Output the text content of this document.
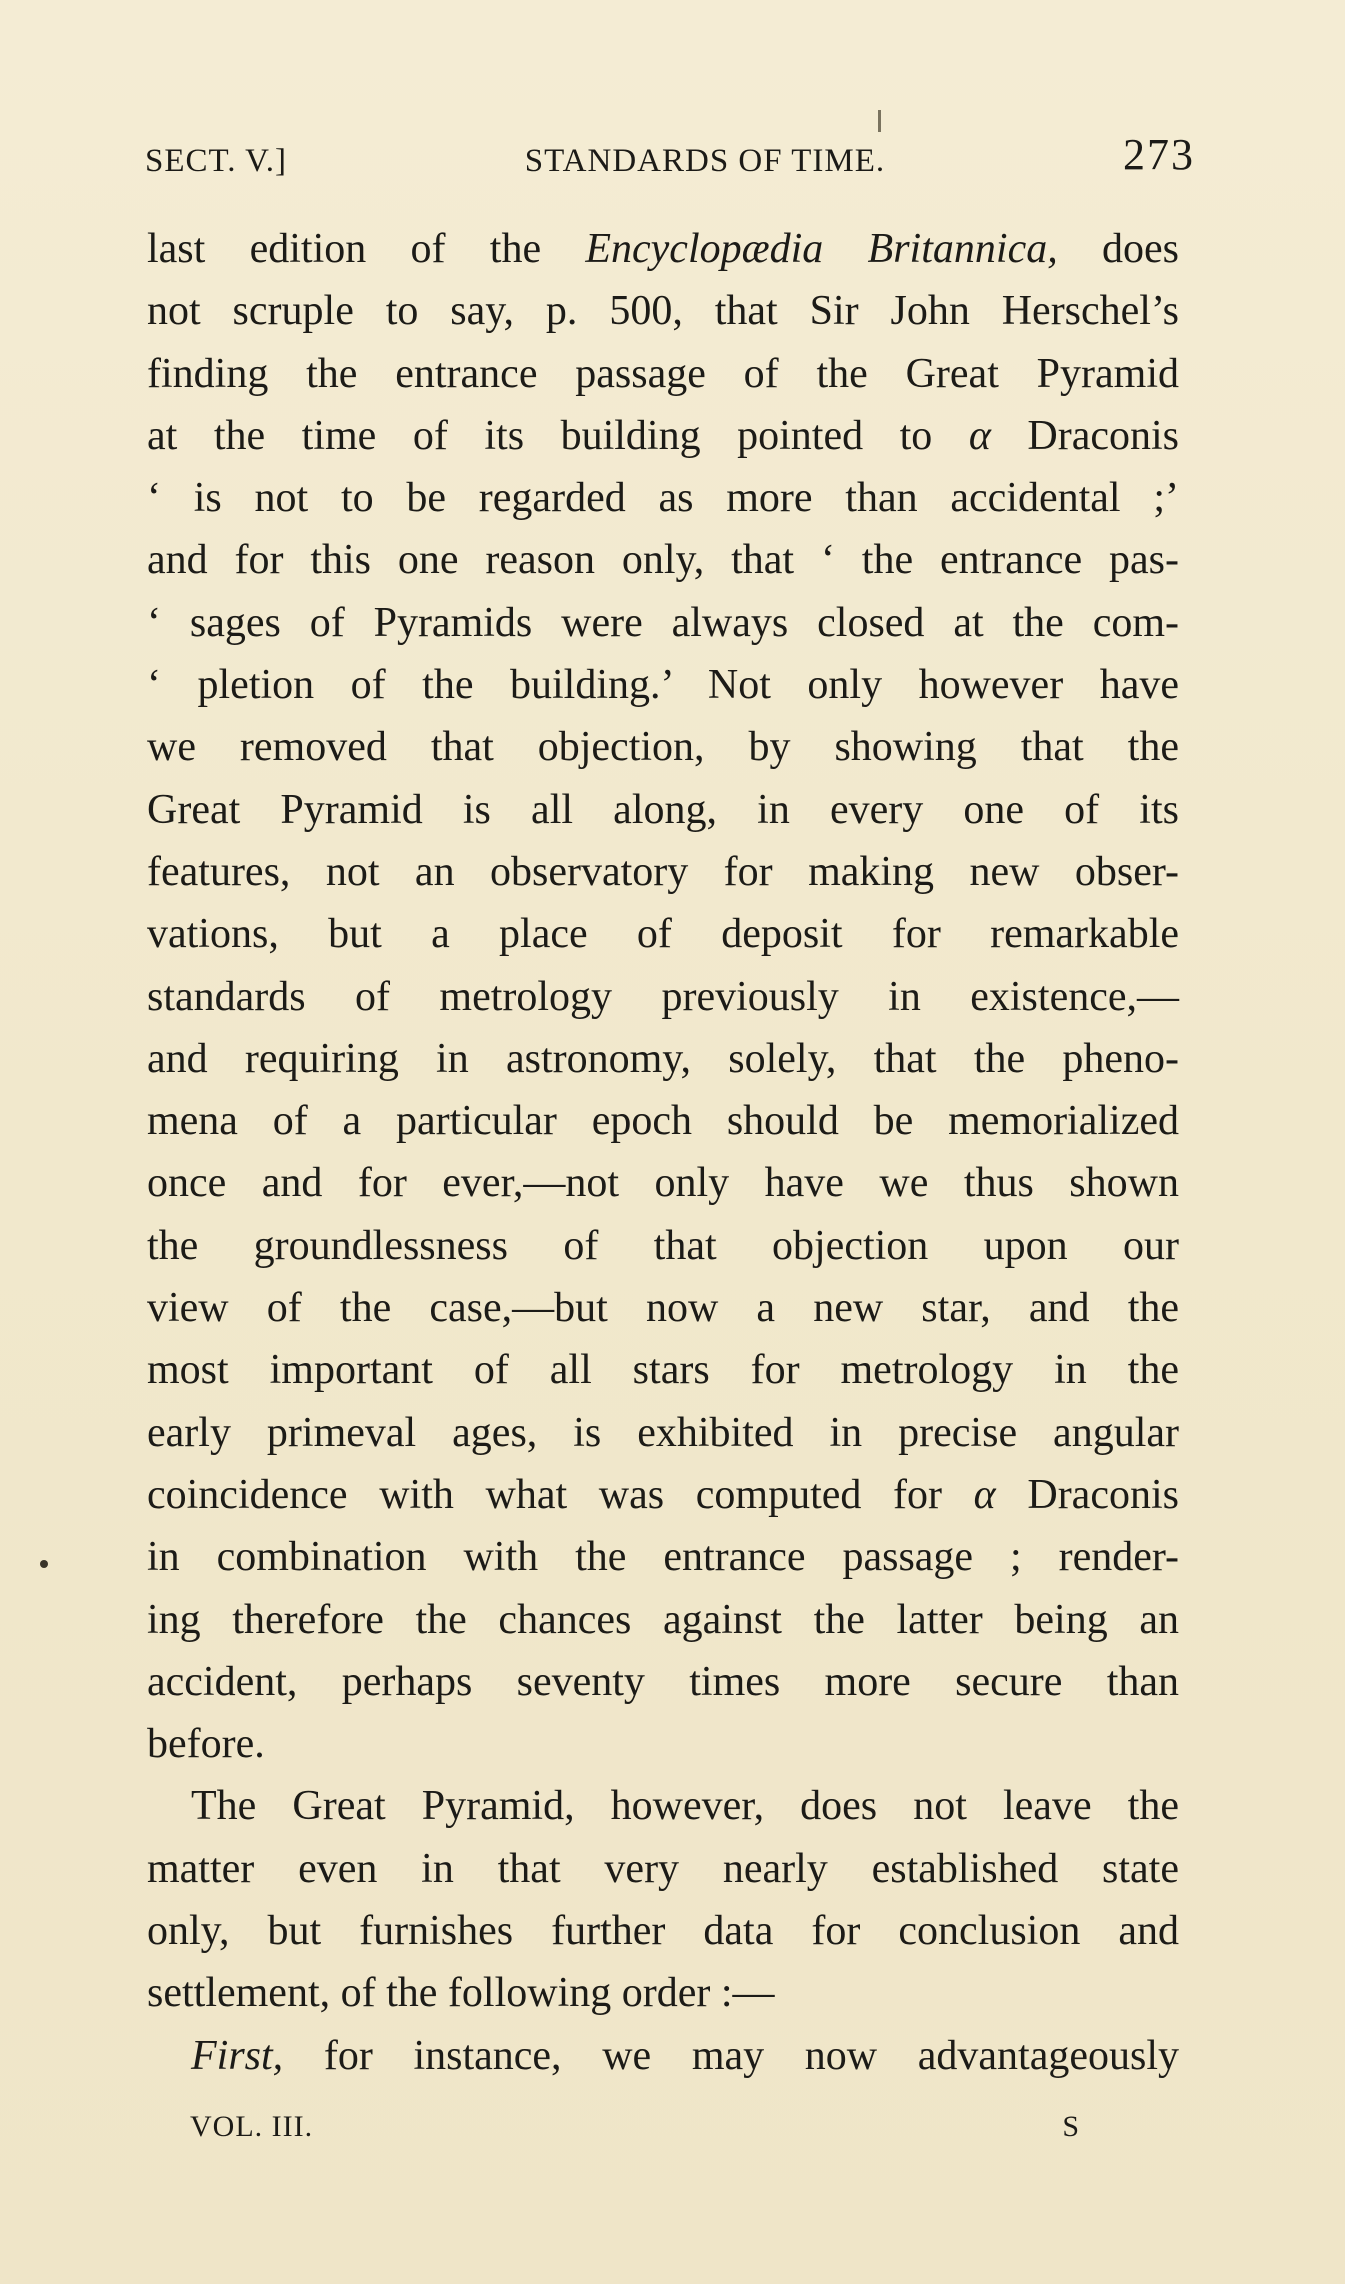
SECT. V.]	STANDARDS OF TIME.	273
last edition of the Encyclopædia Britannica, does
not scruple to say, p. 500, that Sir John Herschel’s
finding the entrance passage of the Great Pyramid
at the time of its building pointed to α Draconis
‘ is not to be regarded as more than accidental ;’
and for this one reason only, that ‘ the entrance pas-
‘ sages of Pyramids were always closed at the com-
‘ pletion of the building.’ Not only however have
we removed that objection, by showing that the
Great Pyramid is all along, in every one of its
features, not an observatory for making new obser-
vations, but a place of deposit for remarkable
standards of metrology previously in existence,—
and requiring in astronomy, solely, that the pheno-
mena of a particular epoch should be memorialized
once and for ever,—not only have we thus shown
the groundlessness of that objection upon our
view of the case,—but now a new star, and the
most important of all stars for metrology in the
early primeval ages, is exhibited in precise angular
coincidence with what was computed for α Draconis
in combination with the entrance passage ; render-
ing therefore the chances against the latter being an
accident, perhaps seventy times more secure than
before.
The Great Pyramid, however, does not leave the
matter even in that very nearly established state
only, but furnishes further data for conclusion and
settlement, of the following order :—
First, for instance, we may now advantageously
VOL. III.	S
